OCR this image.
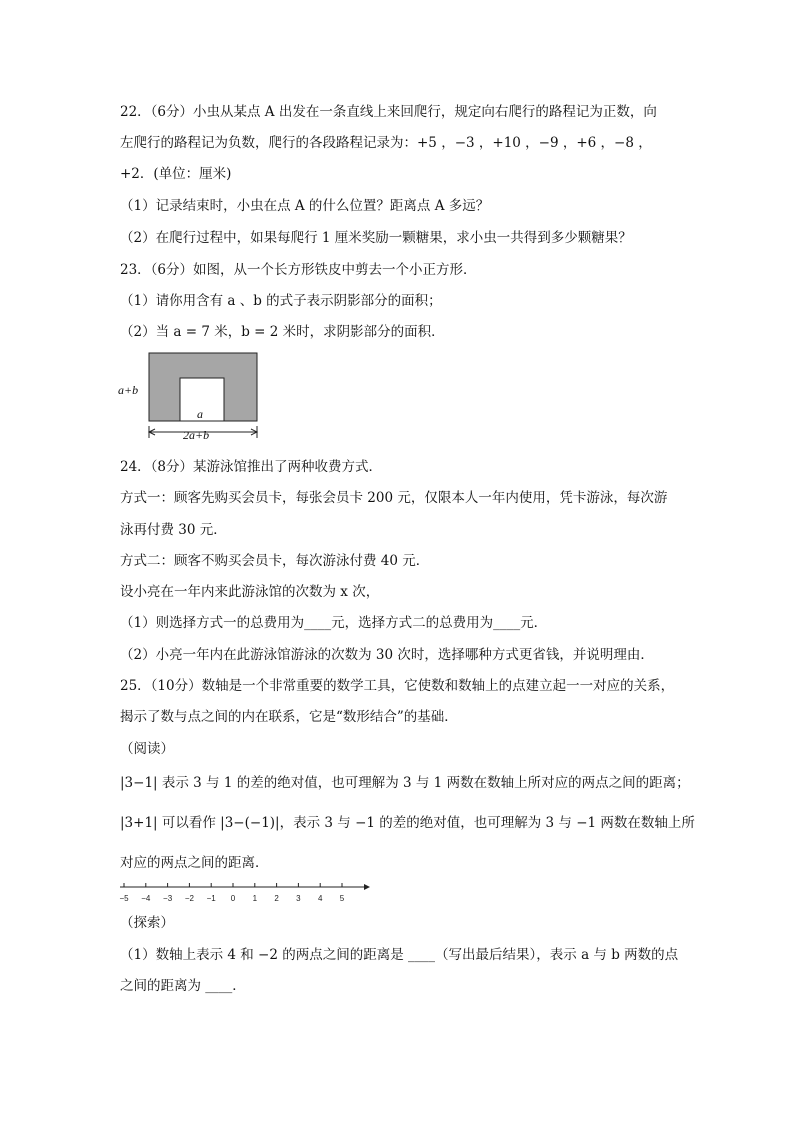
22．（6分）小虫从某点 A 出发在一条直线上来回爬行，规定向右爬行的路程记为正数，向
左爬行的路程记为负数，爬行的各段路程记录为：+5 ，−3 ，+10 ，−9 ，+6 ，−8 ，
+2．(单位：厘米)
（1）记录结束时，小虫在点 A 的什么位置？距离点 A 多远？
（2）在爬行过程中，如果每爬行 1 厘米奖励一颗糖果，求小虫一共得到多少颗糖果？
23．（6分）如图，从一个长方形铁皮中剪去一个小正方形．
（1）请你用含有 a 、b 的式子表示阴影部分的面积；
（2）当 a = 7 米，b = 2 米时，求阴影部分的面积．
a+b
a
2a+b
24．（8分）某游泳馆推出了两种收费方式．
方式一：顾客先购买会员卡，每张会员卡 200 元，仅限本人一年内使用，凭卡游泳，每次游
泳再付费 30 元．
方式二：顾客不购买会员卡，每次游泳付费 40 元．
设小亮在一年内来此游泳馆的次数为 x 次，
（1）则选择方式一的总费用为____元，选择方式二的总费用为____元．
（2）小亮一年内在此游泳馆游泳的次数为 30 次时，选择哪种方式更省钱，并说明理由．
25．（10分）数轴是一个非常重要的数学工具，它使数和数轴上的点建立起一一对应的关系，
揭示了数与点之间的内在联系，它是“数形结合”的基础．
（阅读）
|3−1| 表示 3 与 1 的差的绝对值，也可理解为 3 与 1 两数在数轴上所对应的两点之间的距离；
|3+1| 可以看作 |3−(−1)|，表示 3 与 −1 的差的绝对值，也可理解为 3 与 −1 两数在数轴上所
对应的两点之间的距离．
−5 −4 −3 −2 −1 0 1 2 3 4 5
（探索）
（1）数轴上表示 4 和 −2 的两点之间的距离是 ____（写出最后结果），表示 a 与 b 两数的点
之间的距离为 ____．
